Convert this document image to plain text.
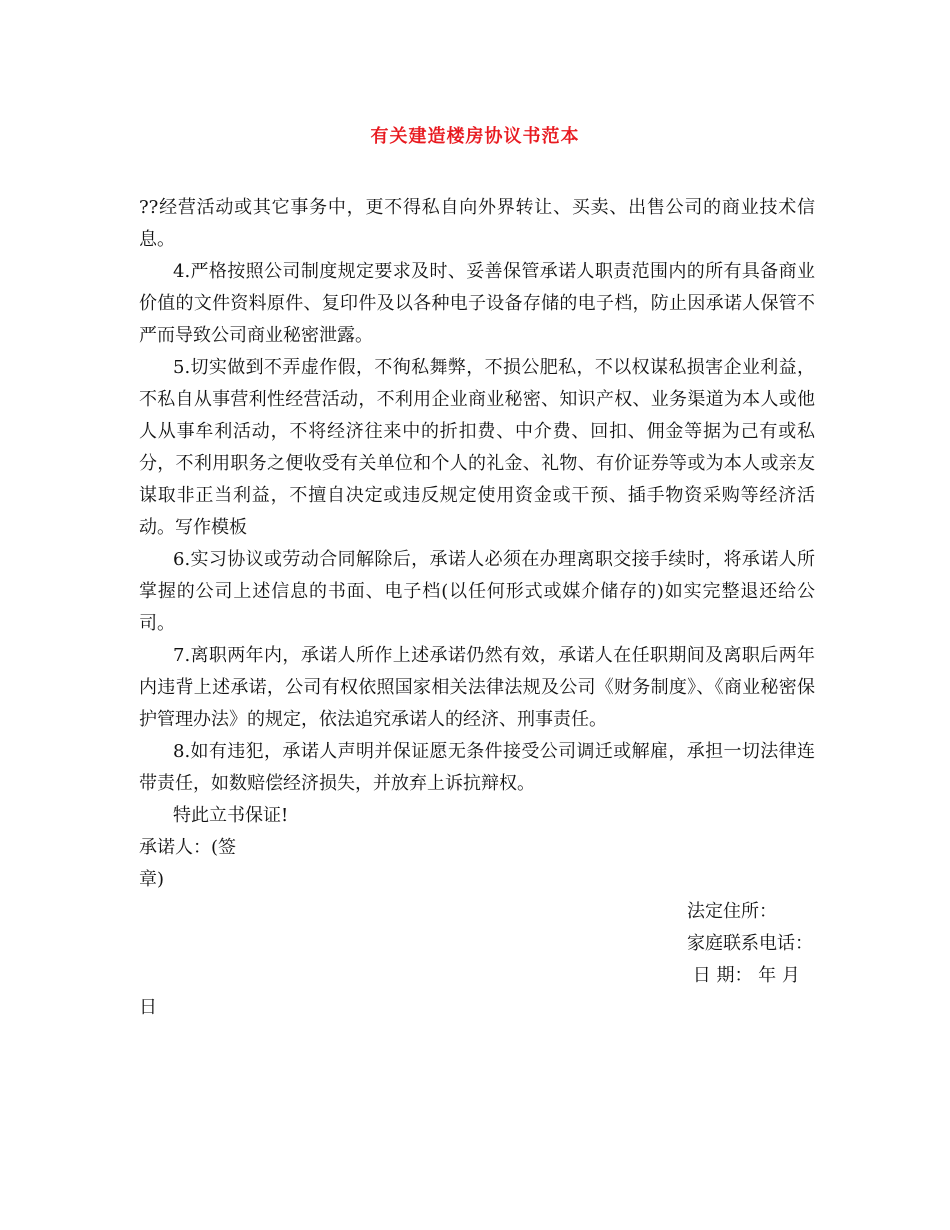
有关建造楼房协议书范本

??经营活动或其它事务中，更不得私自向外界转让、买卖、出售公司的商业技术信息。

4.严格按照公司制度规定要求及时、妥善保管承诺人职责范围内的所有具备商业价值的文件资料原件、复印件及以各种电子设备存储的电子档，防止因承诺人保管不严而导致公司商业秘密泄露。

5.切实做到不弄虚作假，不徇私舞弊，不损公肥私，不以权谋私损害企业利益，不私自从事营利性经营活动，不利用企业商业秘密、知识产权、业务渠道为本人或他人从事牟利活动，不将经济往来中的折扣费、中介费、回扣、佣金等据为己有或私分，不利用职务之便收受有关单位和个人的礼金、礼物、有价证券等或为本人或亲友谋取非正当利益，不擅自决定或违反规定使用资金或干预、插手物资采购等经济活动。写作模板

6.实习协议或劳动合同解除后，承诺人必须在办理离职交接手续时，将承诺人所掌握的公司上述信息的书面、电子档(以任何形式或媒介储存的)如实完整退还给公司。

7.离职两年内，承诺人所作上述承诺仍然有效，承诺人在任职期间及离职后两年内违背上述承诺，公司有权依照国家相关法律法规及公司《财务制度》、《商业秘密保护管理办法》的规定，依法追究承诺人的经济、刑事责任。

8.如有违犯，承诺人声明并保证愿无条件接受公司调迁或解雇，承担一切法律连带责任，如数赔偿经济损失，并放弃上诉抗辩权。

特此立书保证!

承诺人：(签

章)

法定住所：

家庭联系电话：

日 期： 年 月

日
